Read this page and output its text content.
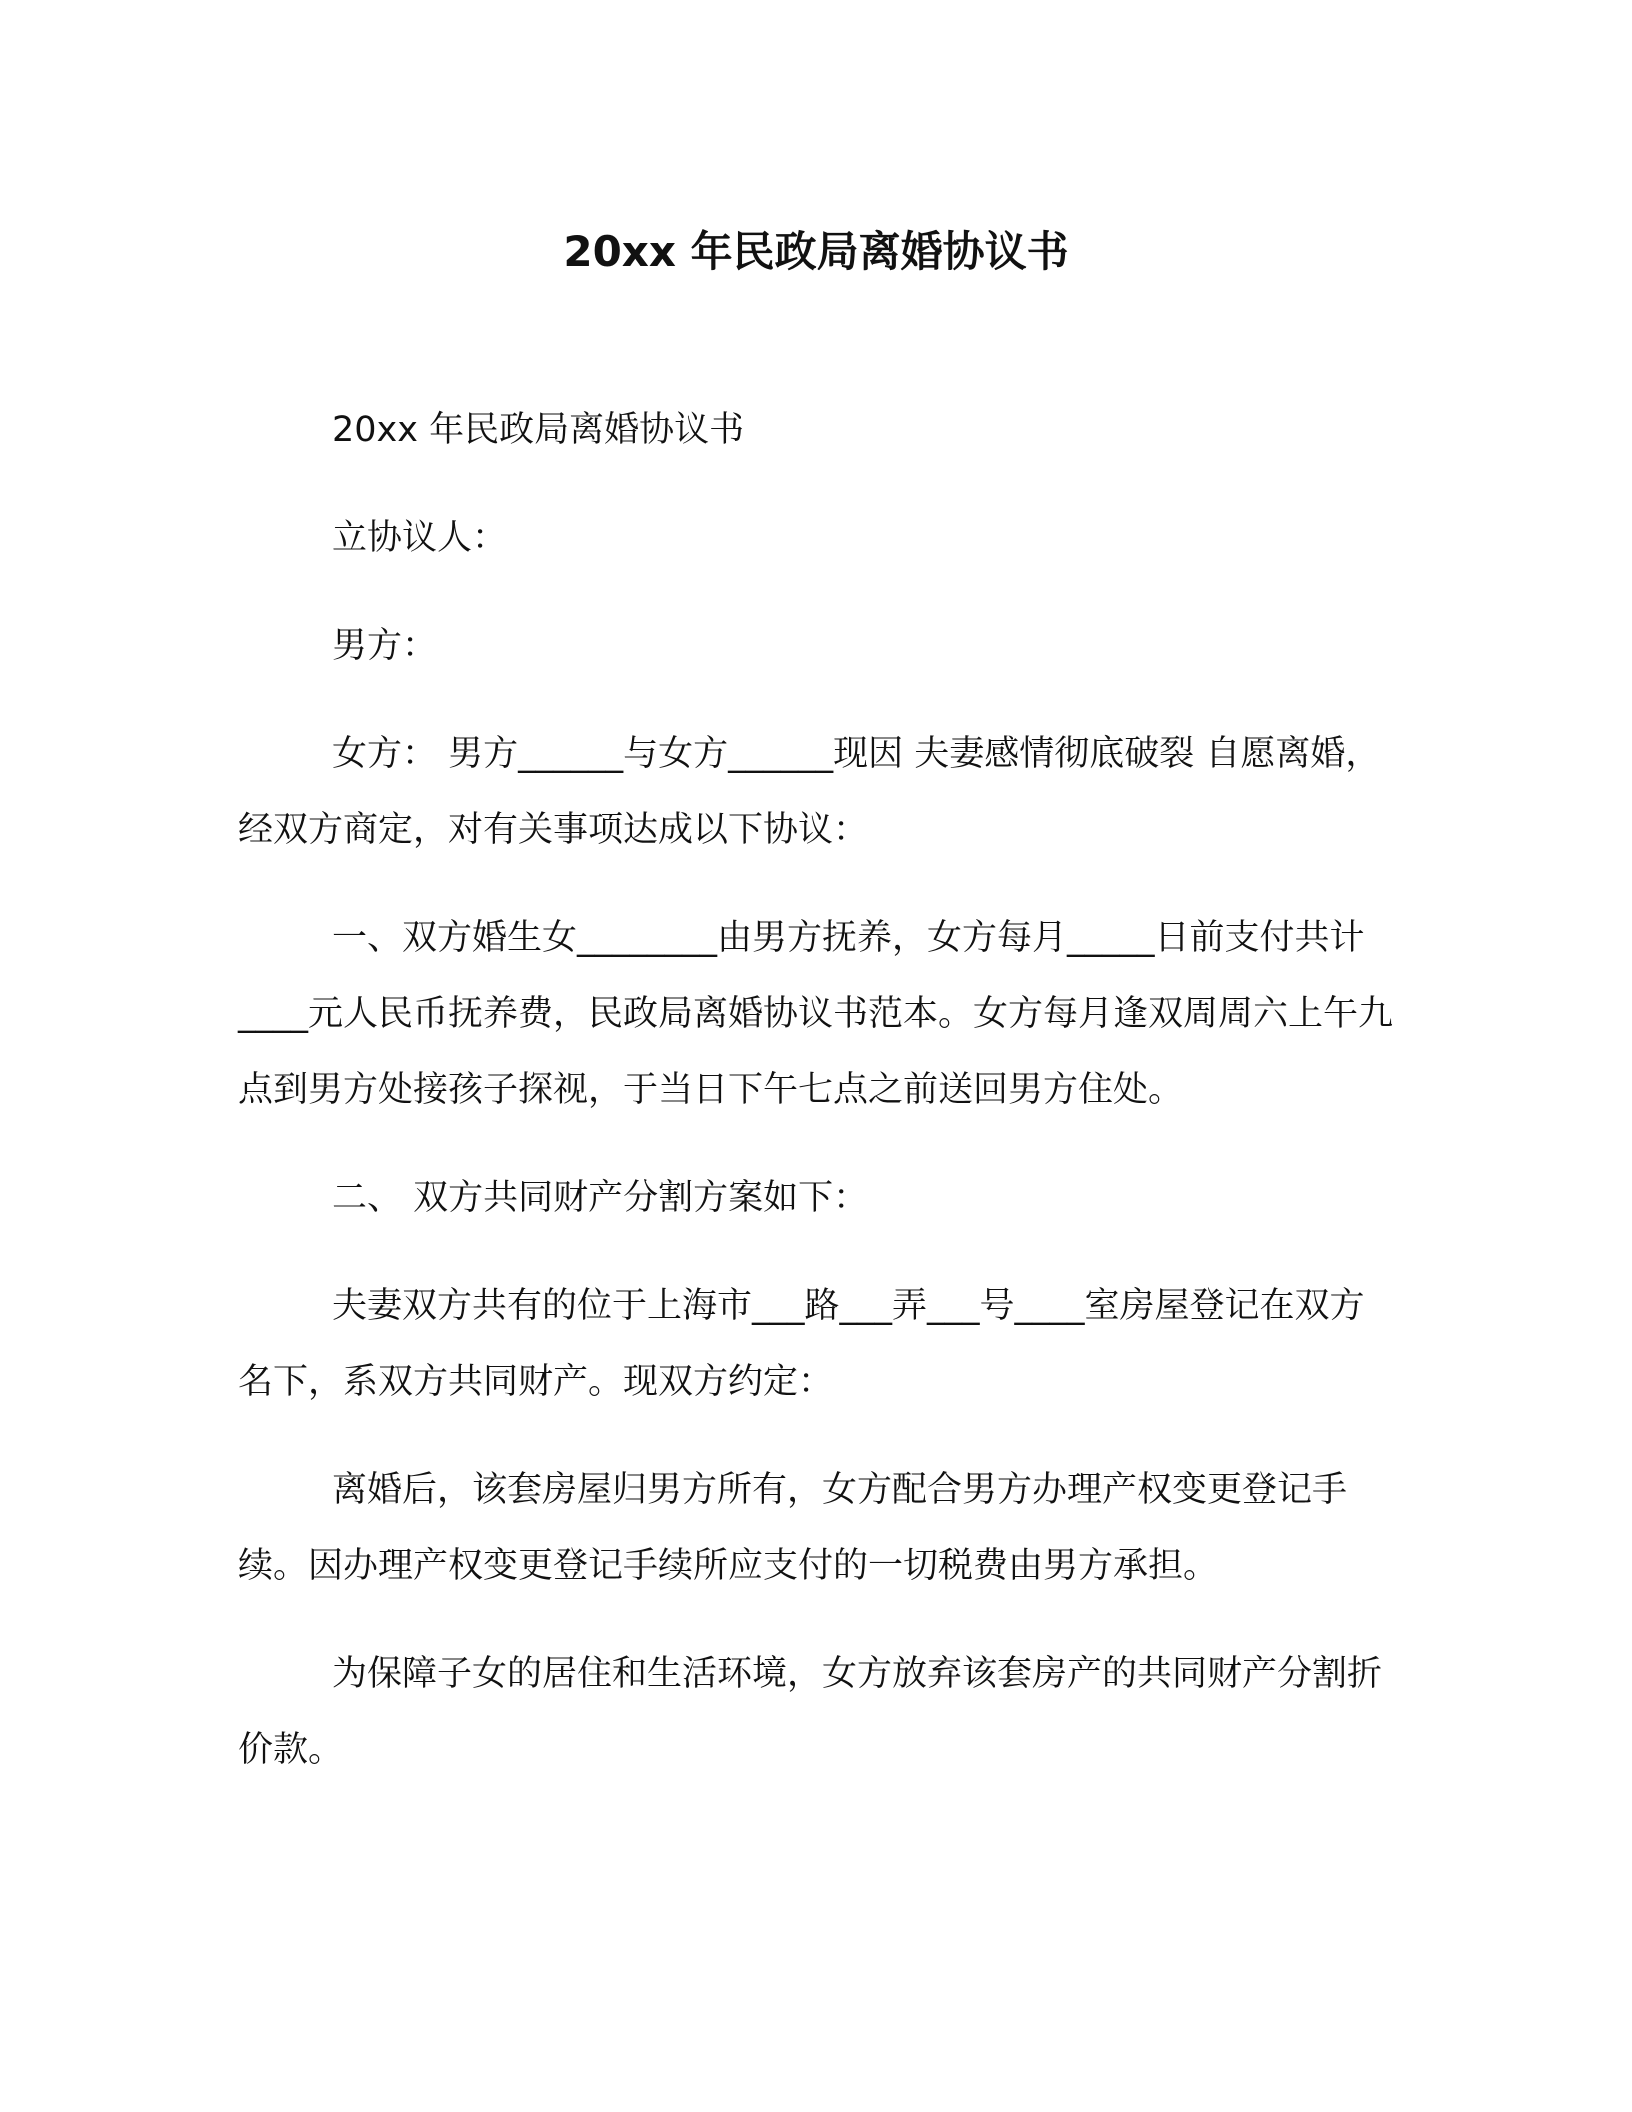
20xx 年民政局离婚协议书

20xx 年民政局离婚协议书

立协议人：

男方：

女方： 男方______与女方______现因 夫妻感情彻底破裂 自愿离婚，经双方商定，对有关事项达成以下协议：

一、双方婚生女________由男方抚养，女方每月_____日前支付共计____元人民币抚养费，民政局离婚协议书范本。女方每月逢双周周六上午九点到男方处接孩子探视，于当日下午七点之前送回男方住处。

二、 双方共同财产分割方案如下：

夫妻双方共有的位于上海市___路___弄___号____室房屋登记在双方名下，系双方共同财产。现双方约定：

离婚后，该套房屋归男方所有，女方配合男方办理产权变更登记手续。因办理产权变更登记手续所应支付的一切税费由男方承担。

为保障子女的居住和生活环境，女方放弃该套房产的共同财产分割折价款。
